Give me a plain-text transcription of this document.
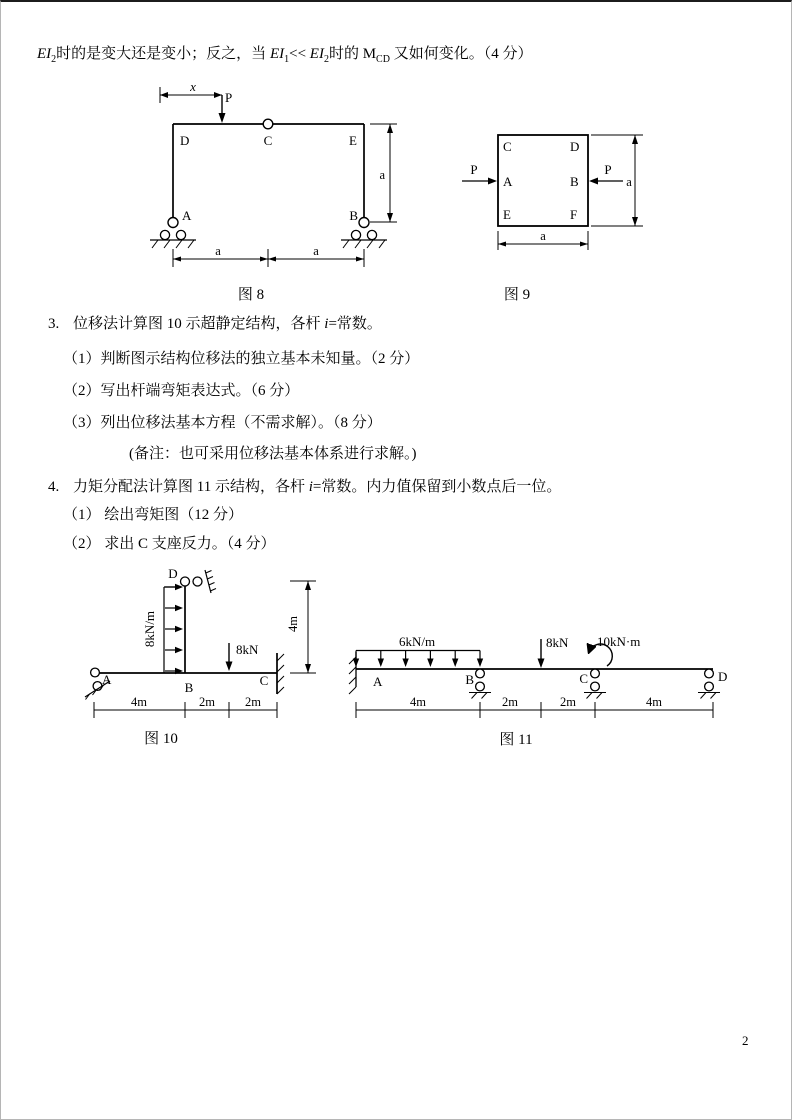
$EI_2$时的是变大还是变小；反之，当 $EI_1<< EI_2$时的 $M_{CD}$ 又如何变化。（4 分）
x
P
D	C	E
A	B
a
a	a
图 8
C	D
A	B
E	F
P	P
a
a
图 9
3. 位移法计算图 10 示超静定结构，各杆 i=常数。
（1）判断图示结构位移法的独立基本未知量。（2 分）
（2）写出杆端弯矩表达式。（6 分）
（3）列出位移法基本方程（不需求解）。（8 分）
(备注：也可采用位移法基本体系进行求解。)
4. 力矩分配法计算图 11 示结构，各杆 i=常数。内力值保留到小数点后一位。
（1） 绘出弯矩图（12 分）
（2） 求出 C 支座反力。（4 分）
8kN/m
D
8kN
A
B	C
4m	2m 2m
4m
图 10
6kN/m
A	B
8kN 10kN·m
C	D
4m	2m	2m	4m
图 11
2
